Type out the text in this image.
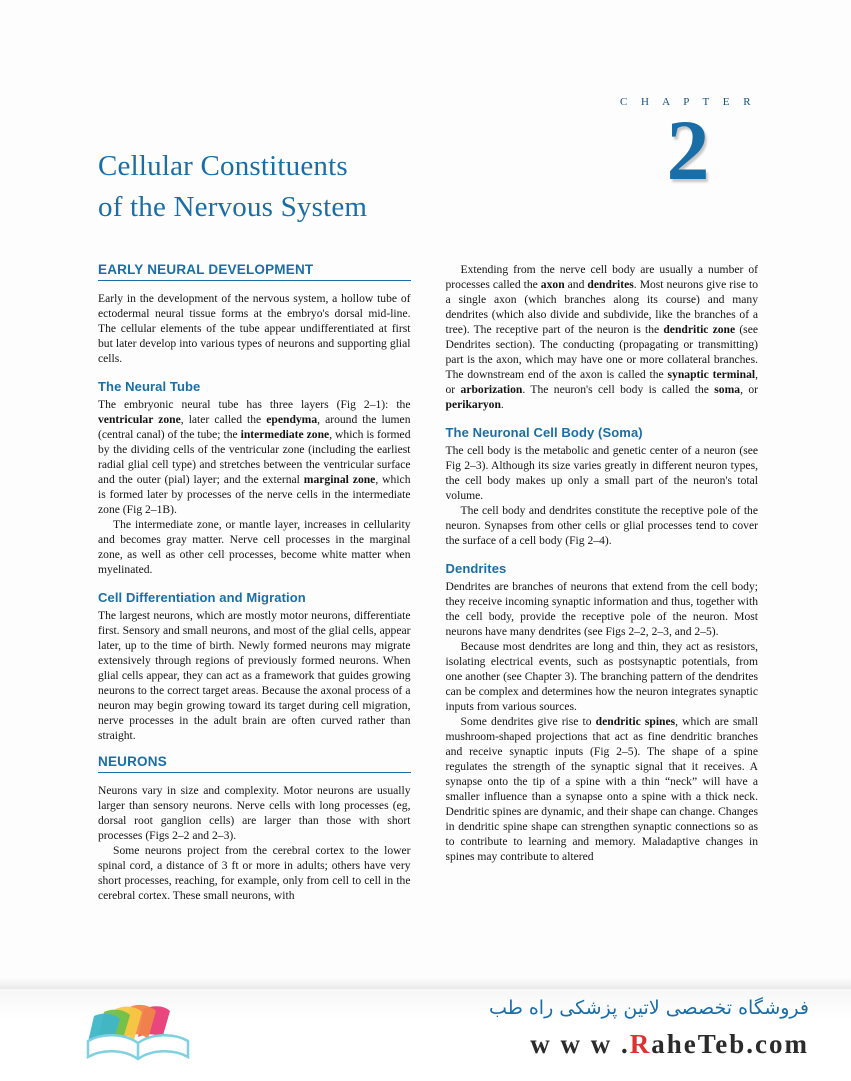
C H A P T E R
2
Cellular Constituents
of the Nervous System
EARLY NEURAL DEVELOPMENT

Early in the development of the nervous system, a hollow tube of ectodermal neural tissue forms at the embryo's dorsal mid-line. The cellular elements of the tube appear undifferentiated at first but later develop into various types of neurons and supporting glial cells.

The Neural Tube

The embryonic neural tube has three layers (Fig 2–1): the ventricular zone, later called the ependyma, around the lumen (central canal) of the tube; the intermediate zone, which is formed by the dividing cells of the ventricular zone (including the earliest radial glial cell type) and stretches between the ventricular surface and the outer (pial) layer; and the external marginal zone, which is formed later by processes of the nerve cells in the intermediate zone (Fig 2–1B).

The intermediate zone, or mantle layer, increases in cellularity and becomes gray matter. Nerve cell processes in the marginal zone, as well as other cell processes, become white matter when myelinated.

Cell Differentiation and Migration

The largest neurons, which are mostly motor neurons, differentiate first. Sensory and small neurons, and most of the glial cells, appear later, up to the time of birth. Newly formed neurons may migrate extensively through regions of previously formed neurons. When glial cells appear, they can act as a framework that guides growing neurons to the correct target areas. Because the axonal process of a neuron may begin growing toward its target during cell migration, nerve processes in the adult brain are often curved rather than straight.

NEURONS

Neurons vary in size and complexity. Motor neurons are usually larger than sensory neurons. Nerve cells with long processes (eg, dorsal root ganglion cells) are larger than those with short processes (Figs 2–2 and 2–3).

Some neurons project from the cerebral cortex to the lower spinal cord, a distance of 3 ft or more in adults; others have very short processes, reaching, for example, only from cell to cell in the cerebral cortex. These small neurons, with

Extending from the nerve cell body are usually a number of processes called the axon and dendrites. Most neurons give rise to a single axon (which branches along its course) and many dendrites (which also divide and subdivide, like the branches of a tree). The receptive part of the neuron is the dendritic zone (see Dendrites section). The conducting (propagating or transmitting) part is the axon, which may have one or more collateral branches. The downstream end of the axon is called the synaptic terminal, or arborization. The neuron's cell body is called the soma, or perikaryon.

The Neuronal Cell Body (Soma)

The cell body is the metabolic and genetic center of a neuron (see Fig 2–3). Although its size varies greatly in different neuron types, the cell body makes up only a small part of the neuron's total volume.

The cell body and dendrites constitute the receptive pole of the neuron. Synapses from other cells or glial processes tend to cover the surface of a cell body (Fig 2–4).

Dendrites

Dendrites are branches of neurons that extend from the cell body; they receive incoming synaptic information and thus, together with the cell body, provide the receptive pole of the neuron. Most neurons have many dendrites (see Figs 2–2, 2–3, and 2–5).

Because most dendrites are long and thin, they act as resistors, isolating electrical events, such as postsynaptic potentials, from one another (see Chapter 3). The branching pattern of the dendrites can be complex and determines how the neuron integrates synaptic inputs from various sources.

Some dendrites give rise to dendritic spines, which are small mushroom-shaped projections that act as fine dendritic branches and receive synaptic inputs (Fig 2–5). The shape of a spine regulates the strength of the synaptic signal that it receives. A synapse onto the tip of a spine with a thin “neck” will have a smaller influence than a synapse onto a spine with a thick neck. Dendritic spines are dynamic, and their shape can change. Changes in dendritic spine shape can strengthen synaptic connections so as to contribute to learning and memory. Maladaptive changes in spines may contribute to altered

فروشگاه تخصصی لاتین پزشکی راه طب
w w w .RaheTeb.com
